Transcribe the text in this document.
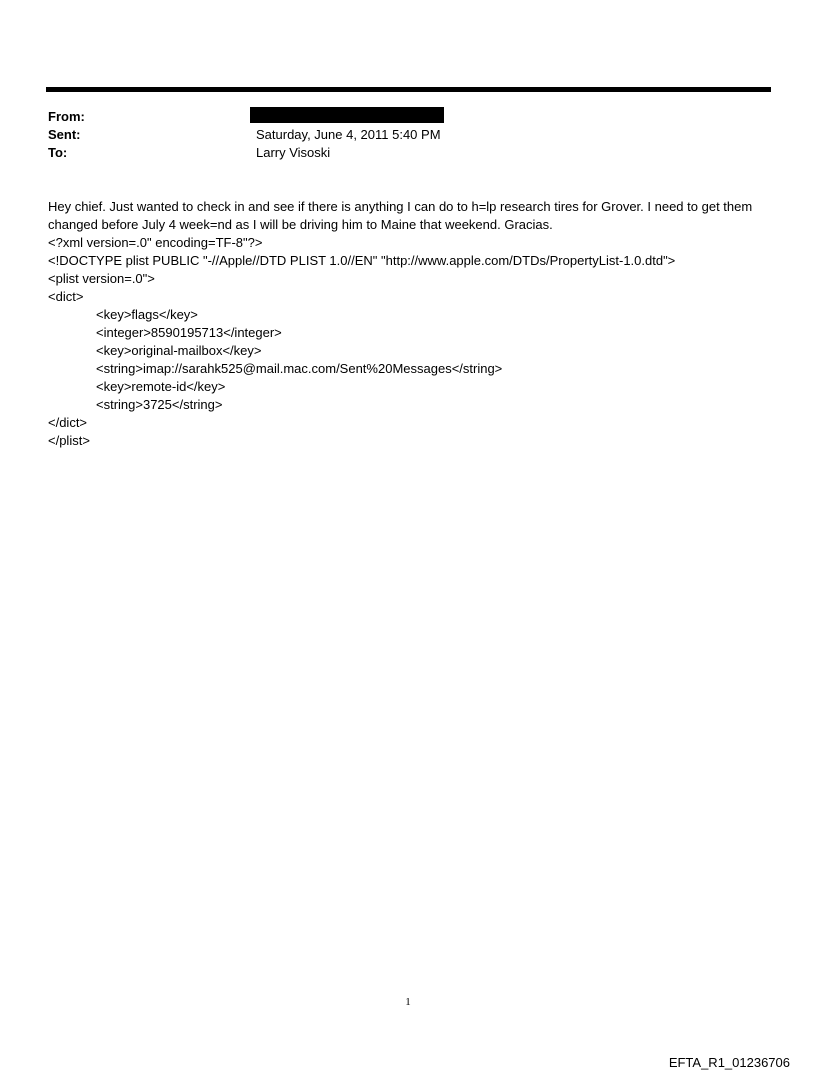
From:
Sent:	Saturday, June 4, 2011 5:40 PM
To:	Larry Visoski

Hey chief. Just wanted to check in and see if there is anything I can do to h=lp research tires for Grover. I need to get them changed before July 4 week=nd as I will be driving him to Maine that weekend. Gracias.

<?xml version=.0" encoding=TF-8"?>
<!DOCTYPE plist PUBLIC "-//Apple//DTD PLIST 1.0//EN" "http://www.apple.com/DTDs/PropertyList-1.0.dtd">
<plist version=.0">
<dict>
<key>flags</key>
<integer>8590195713</integer>
<key>original-mailbox</key>
<string>imap://sarahk525@mail.mac.com/Sent%20Messages</string>
<key>remote-id</key>
<string>3725</string>
</dict>
</plist>
1
EFTA_R1_01236706
